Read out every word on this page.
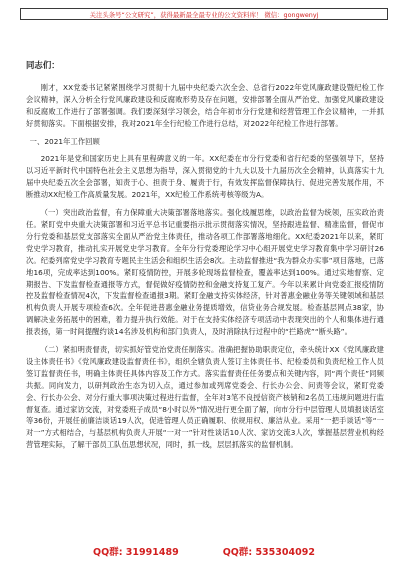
关注头条号“公文研究”，获得最新最全最专业的公文资料库！ 微信：gongwenyj
同志们：

刚才，XX党委书记紧紧围绕学习贯彻十九届中央纪委六次全会、总省行2022年党风廉政建设暨纪检工作会议精神，深入分析全行党风廉政建设和反腐败形势及存在问题，安排部署全面从严治党、加强党风廉政建设和反腐败工作进行了部署强调。我们要深刻学习领会，结合年初市分行党建和经营管理工作会议精神，一并抓好贯彻落实。下面根据安排，我对2021年全行纪检工作进行总结，对2022年纪检工作进行部署。

一、2021年工作回顾

2021年是党和国家历史上具有里程碑意义的一年。XX纪委在市分行党委和省行纪委的坚强领导下，坚持以习近平新时代中国特色社会主义思想为指导，深入贯彻党的十九大以及十九届历次全会精神，认真落实十九届中央纪委五次全会部署，知责于心、担责于身、履责于行，有效发挥监督保障执行、促进完善发展作用，不断推动XX纪检工作高质量发展。2021年，XX纪检工作系统考核等级为A。

（一）突出政治监督，有力保障重大决策部署落地落实。强化线履思维，以政治监督为统领，压实政治责任。紧盯党中央重大决策部署和习近平总书记重要指示批示贯彻落实情况，坚持跟进监督、精准监督，督促市分行党委和基层党支部落实全面从严治党主体责任，推动各项工作部署落地细化。XX纪委2021年以来，紧盯党史学习教育，推动扎实开展党史学习教育。全年分行党委理论学习中心组开展党史学习教育集中学习研讨26次。纪委列席党史学习教育专题民主生活会和组织生活会8次。主动监督推进“我为群众办实事”项目落地，已落地16项，完成率达到100%。紧盯疫情防控，开展多轮现场监督检查，覆盖率达到100%。通过实地督察、定期报告、下发监督检查通报等方式，督促做好疫情防控和金融支持复工复产。今年以来累计向党委汇报疫情防控及监督检查情况4次，下发监督检查通报3期。紧盯金融支持实体经济，针对普惠金融业务等关键领域和基层机构负责人开展专项检查6次。全年促进普惠金融业务提质增效，信贷业务合规发展。检查基层网点38家，协调解决业务拓展中的困难，着力提升执行效能。对于在支持实体经济专项活动中表现突出的个人和集体进行通报表扬，第一时间提醒约谈14名涉及机构和部门负责人，及时消除执行过程中的“拦路虎”“断头路”。

（二）紧扣明责督责，切实抓好管党治党责任制落实。准确把握协助职责定位，牵头统计XX《党风廉政建设主体责任书》《党风廉政建设监督责任书》，组织全辖负责人签订主体责任书、纪检委员和负责纪检工作人员签订监督责任书，明确主体责任具体内容及工作方式。落实监督责任任务要点和关键内容，同“两个责任”同频共振。同向发力，以研判政治生态为切入点，通过参加或列席党委会、行长办公会、问责等会议，紧盯党委会、行长办公会、对分行重大事项决策过程进行监督，全年对3笔不良授信资产核销和2名员工违规问题进行监督复查。通过家访交流，对党委班子成员“8小时以外”情况进行更全面了解，向市分行中层管理人员填报谈话室等36份，开展任前廉洁谈话19人次，促进管理人员正确履职、依规用权、廉洁从业。采用“一把手谈话”等“一对一”方式相结合，与基层机构负责人开展“一对一”针对性谈话10人次、家访交流3人次，掌握基层营业机构经营管理实际，了解干部员工队伍思想状况，同时，抓一线，层层抓落实的监督机制。

QQ群: 31991489	QQ群: 535304092
